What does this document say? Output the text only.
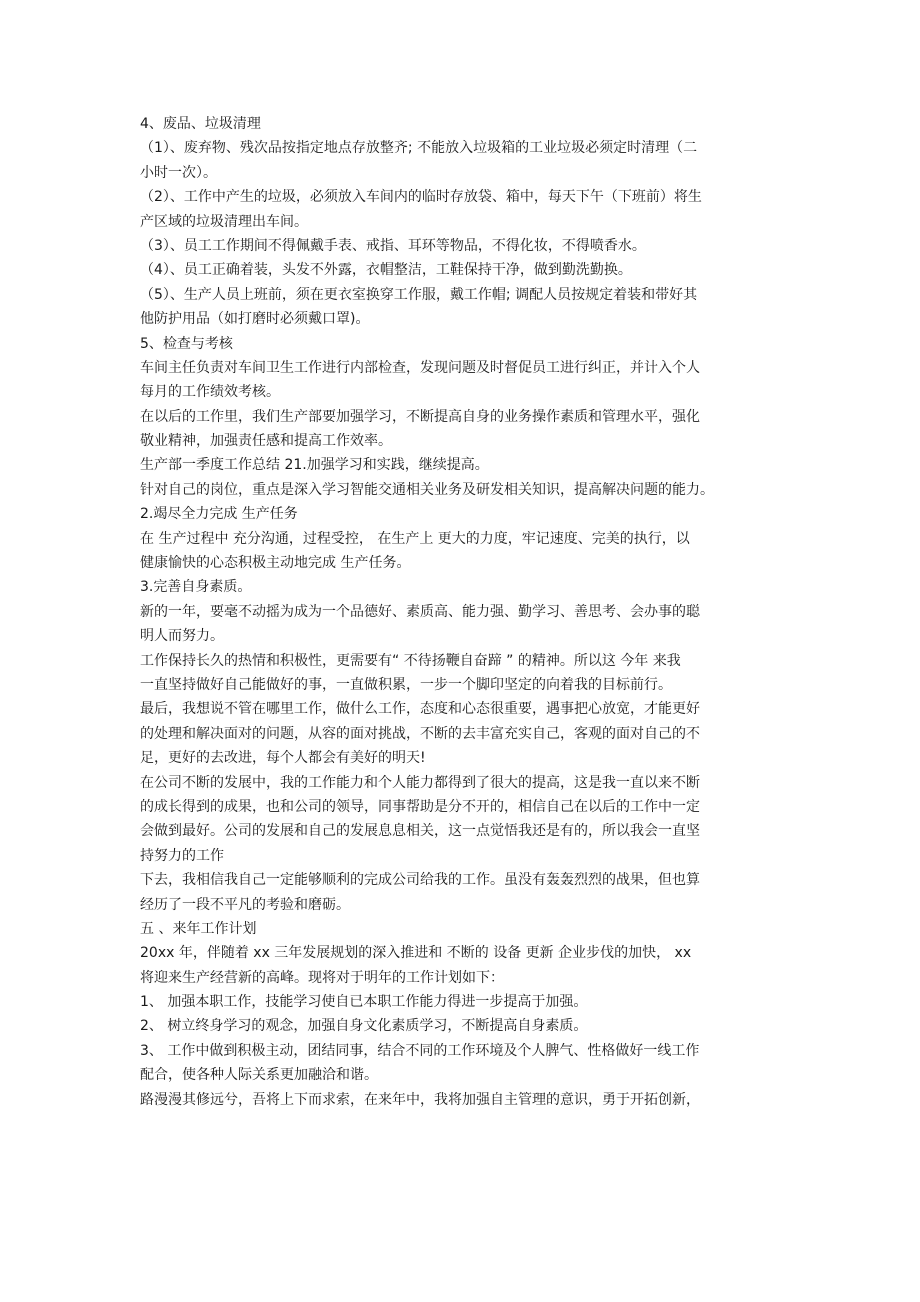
4、废品、垃圾清理
（1）、废弃物、残次品按指定地点存放整齐; 不能放入垃圾箱的工业垃圾必须定时清理（二
小时一次）。
（2）、工作中产生的垃圾，必须放入车间内的临时存放袋、箱中，每天下午（下班前）将生
产区域的垃圾清理出车间。
（3）、员工工作期间不得佩戴手表、戒指、耳环等物品，不得化妆，不得喷香水。
（4）、员工正确着装，头发不外露，衣帽整洁，工鞋保持干净，做到勤洗勤换。
（5）、生产人员上班前，须在更衣室换穿工作服，戴工作帽; 调配人员按规定着装和带好其
他防护用品（如打磨时必须戴口罩)。
5、检查与考核
车间主任负责对车间卫生工作进行内部检查，发现问题及时督促员工进行纠正，并计入个人
每月的工作绩效考核。
在以后的工作里，我们生产部要加强学习，不断提高自身的业务操作素质和管理水平，强化
敬业精神，加强责任感和提高工作效率。
生产部一季度工作总结 21.加强学习和实践，继续提高。
针对自己的岗位，重点是深入学习智能交通相关业务及研发相关知识，提高解决问题的能力。
2.竭尽全力完成 生产任务
在 生产过程中 充分沟通，过程受控， 在生产上 更大的力度，牢记速度、完美的执行，以
健康愉快的心态积极主动地完成 生产任务。
3.完善自身素质。
新的一年，要毫不动摇为成为一个品德好、素质高、能力强、勤学习、善思考、会办事的聪
明人而努力。
工作保持长久的热情和积极性，更需要有“ 不待扬鞭自奋蹄 ” 的精神。所以这 今年 来我
一直坚持做好自己能做好的事，一直做积累，一步一个脚印坚定的向着我的目标前行。
最后，我想说不管在哪里工作，做什么工作，态度和心态很重要，遇事把心放宽，才能更好
的处理和解决面对的问题，从容的面对挑战，不断的去丰富充实自己，客观的面对自己的不
足，更好的去改进，每个人都会有美好的明天!
在公司不断的发展中，我的工作能力和个人能力都得到了很大的提高，这是我一直以来不断
的成长得到的成果，也和公司的领导，同事帮助是分不开的，相信自己在以后的工作中一定
会做到最好。公司的发展和自己的发展息息相关，这一点觉悟我还是有的，所以我会一直坚
持努力的工作
下去，我相信我自己一定能够顺利的完成公司给我的工作。虽没有轰轰烈烈的战果，但也算
经历了一段不平凡的考验和磨砺。
五 、来年工作计划
20xx 年，伴随着 xx 三年发展规划的深入推进和 不断的 设备 更新 企业步伐的加快， xx
将迎来生产经营新的高峰。现将对于明年的工作计划如下：
1、 加强本职工作，技能学习使自已本职工作能力得进一步提高于加强。
2、 树立终身学习的观念，加强自身文化素质学习，不断提高自身素质。
3、 工作中做到积极主动，团结同事，结合不同的工作环境及个人脾气、性格做好一线工作
配合，使各种人际关系更加融洽和谐。
路漫漫其修远兮，吾将上下而求索，在来年中，我将加强自主管理的意识，勇于开拓创新，
